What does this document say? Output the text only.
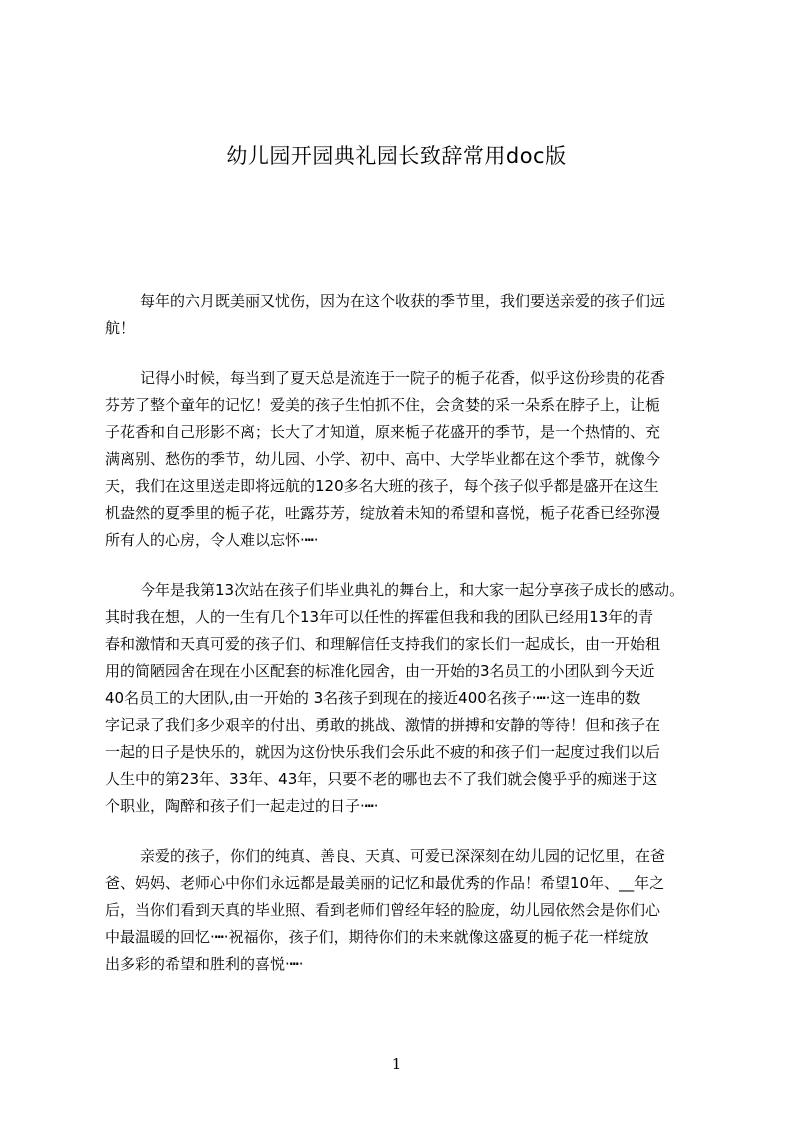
幼儿园开园典礼园长致辞常用doc版
每年的六月既美丽又忧伤，因为在这个收获的季节里，我们要送亲爱的孩子们远
航！
记得小时候，每当到了夏天总是流连于一院子的栀子花香，似乎这份珍贵的花香
芬芳了整个童年的记忆！爱美的孩子生怕抓不住，会贪婪的采一朵系在脖子上，让栀
子花香和自己形影不离；长大了才知道，原来栀子花盛开的季节，是一个热情的、充
满离别、愁伤的季节，幼儿园、小学、初中、高中、大学毕业都在这个季节，就像今
天，我们在这里送走即将远航的120多名大班的孩子，每个孩子似乎都是盛开在这生
机盎然的夏季里的栀子花，吐露芬芳，绽放着未知的希望和喜悦，栀子花香已经弥漫
所有人的心房，令人难以忘怀·┅·
今年是我第13次站在孩子们毕业典礼的舞台上，和大家一起分享孩子成长的感动。
其时我在想，人的一生有几个13年可以任性的挥霍但我和我的团队已经用13年的青
春和激情和天真可爱的孩子们、和理解信任支持我们的家长们一起成长，由一开始租
用的简陋园舍在现在小区配套的标准化园舍，由一开始的3名员工的小团队到今天近
40名员工的大团队,由一开始的 3名孩子到现在的接近400名孩子·┅·这一连串的数
字记录了我们多少艰辛的付出、勇敢的挑战、激情的拼搏和安静的等待！但和孩子在
一起的日子是快乐的，就因为这份快乐我们会乐此不疲的和孩子们一起度过我们以后
人生中的第23年、33年、43年，只要不老的哪也去不了我们就会傻乎乎的痴迷于这
个职业，陶醉和孩子们一起走过的日子·┅·
亲爱的孩子，你们的纯真、善良、天真、可爱已深深刻在幼儿园的记忆里，在爸
爸、妈妈、老师心中你们永远都是最美丽的记忆和最优秀的作品！希望10年、__年之
后，当你们看到天真的毕业照、看到老师们曾经年轻的脸庞，幼儿园依然会是你们心
中最温暖的回忆·┅·祝福你，孩子们，期待你们的未来就像这盛夏的栀子花一样绽放
出多彩的希望和胜利的喜悦·┅·
1
